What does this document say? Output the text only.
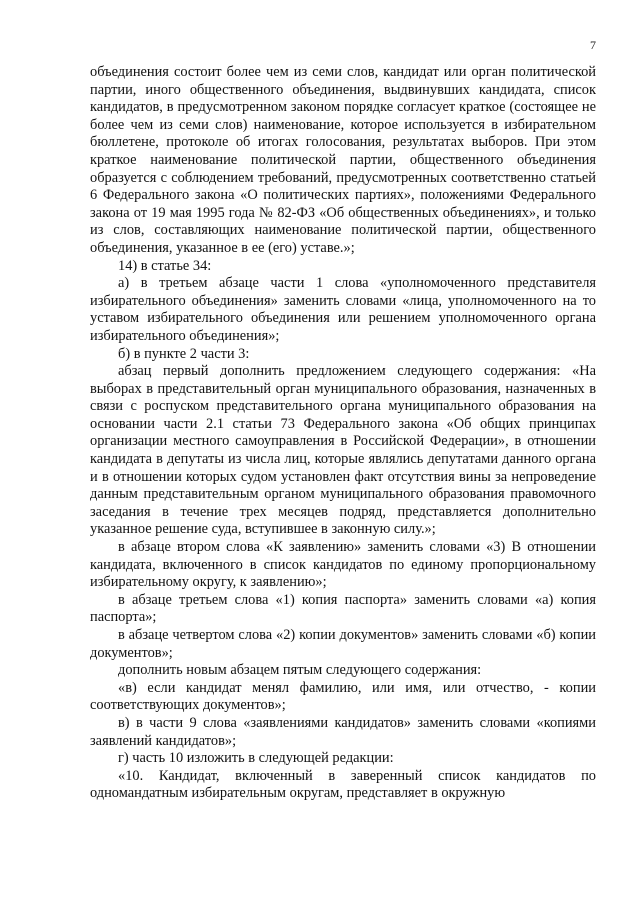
7

объединения состоит более чем из семи слов, кандидат или орган политической партии, иного общественного объединения, выдвинувших кандидата, список кандидатов, в предусмотренном законом порядке согласует краткое (состоящее не более чем из семи слов) наименование, которое используется в избирательном бюллетене, протоколе об итогах голосования, результатах выборов. При этом краткое наименование политической партии, общественного объединения образуется с соблюдением требований, предусмотренных соответственно статьей 6 Федерального закона «О политических партиях», положениями Федерального закона от 19 мая 1995 года № 82-ФЗ «Об общественных объединениях», и только из слов, составляющих наименование политической партии, общественного объединения, указанное в ее (его) уставе.»;

14) в статье 34:

а) в третьем абзаце части 1 слова «уполномоченного представителя избирательного объединения» заменить словами «лица, уполномоченного на то уставом избирательного объединения или решением уполномоченного органа избирательного объединения»;

б) в пункте 2 части 3:

абзац первый дополнить предложением следующего содержания: «На выборах в представительный орган муниципального образования, назначенных в связи с роспуском представительного органа муниципального образования на основании части 2.1 статьи 73 Федерального закона «Об общих принципах организации местного самоуправления в Российской Федерации», в отношении кандидата в депутаты из числа лиц, которые являлись депутатами данного органа и в отношении которых судом установлен факт отсутствия вины за непроведение данным представительным органом муниципального образования правомочного заседания в течение трех месяцев подряд, представляется дополнительно указанное решение суда, вступившее в законную силу.»;

в абзаце втором слова «К заявлению» заменить словами «3) В отношении кандидата, включенного в список кандидатов по единому пропорциональному избирательному округу, к заявлению»;

в абзаце третьем слова «1) копия паспорта» заменить словами «а) копия паспорта»;

в абзаце четвертом слова «2) копии документов» заменить словами «б) копии документов»;

дополнить новым абзацем пятым следующего содержания:

«в) если кандидат менял фамилию, или имя, или отчество, - копии соответствующих документов»;

в) в части 9 слова «заявлениями кандидатов» заменить словами «копиями заявлений кандидатов»;

г) часть 10 изложить в следующей редакции:

«10. Кандидат, включенный в заверенный список кандидатов по одномандатным избирательным округам, представляет в окружную
